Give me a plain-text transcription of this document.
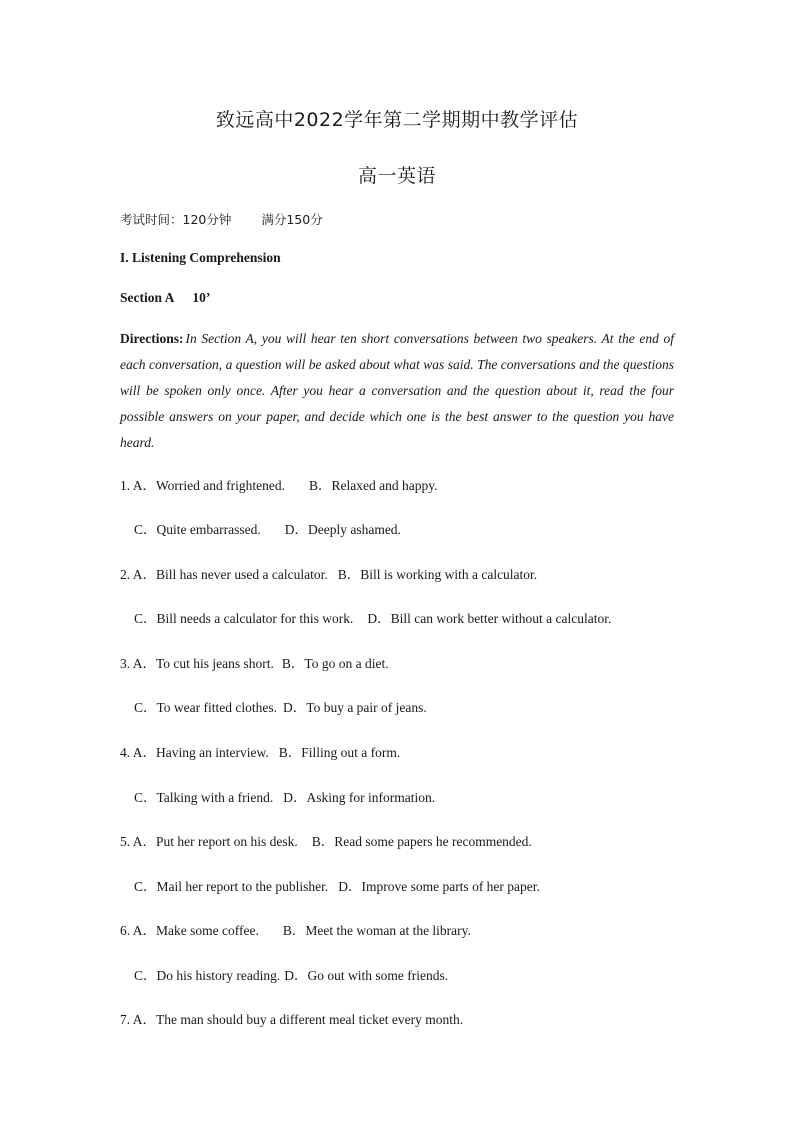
致远高中2022学年第二学期期中教学评估
高一英语
考试时间：120分钟 满分150分
I. Listening Comprehension
Section A 10’
Directions: In Section A, you will hear ten short conversations between two speakers. At the end of each conversation, a question will be asked about what was said. The conversations and the questions will be spoken only once. After you hear a conversation and the question about it, read the four possible answers on your paper, and decide which one is the best answer to the question you have heard.
1. A．Worried and frightened. B．Relaxed and happy.
C．Quite embarrassed. D．Deeply ashamed.
2. A．Bill has never used a calculator. B．Bill is working with a calculator.
C．Bill needs a calculator for this work. D．Bill can work better without a calculator.
3. A．To cut his jeans short. B．To go on a diet.
C．To wear fitted clothes. D．To buy a pair of jeans.
4. A．Having an interview. B．Filling out a form.
C．Talking with a friend. D．Asking for information.
5. A．Put her report on his desk. B．Read some papers he recommended.
C．Mail her report to the publisher. D．Improve some parts of her paper.
6. A．Make some coffee. B．Meet the woman at the library.
C．Do his history reading. D．Go out with some friends.
7. A．The man should buy a different meal ticket every month.
